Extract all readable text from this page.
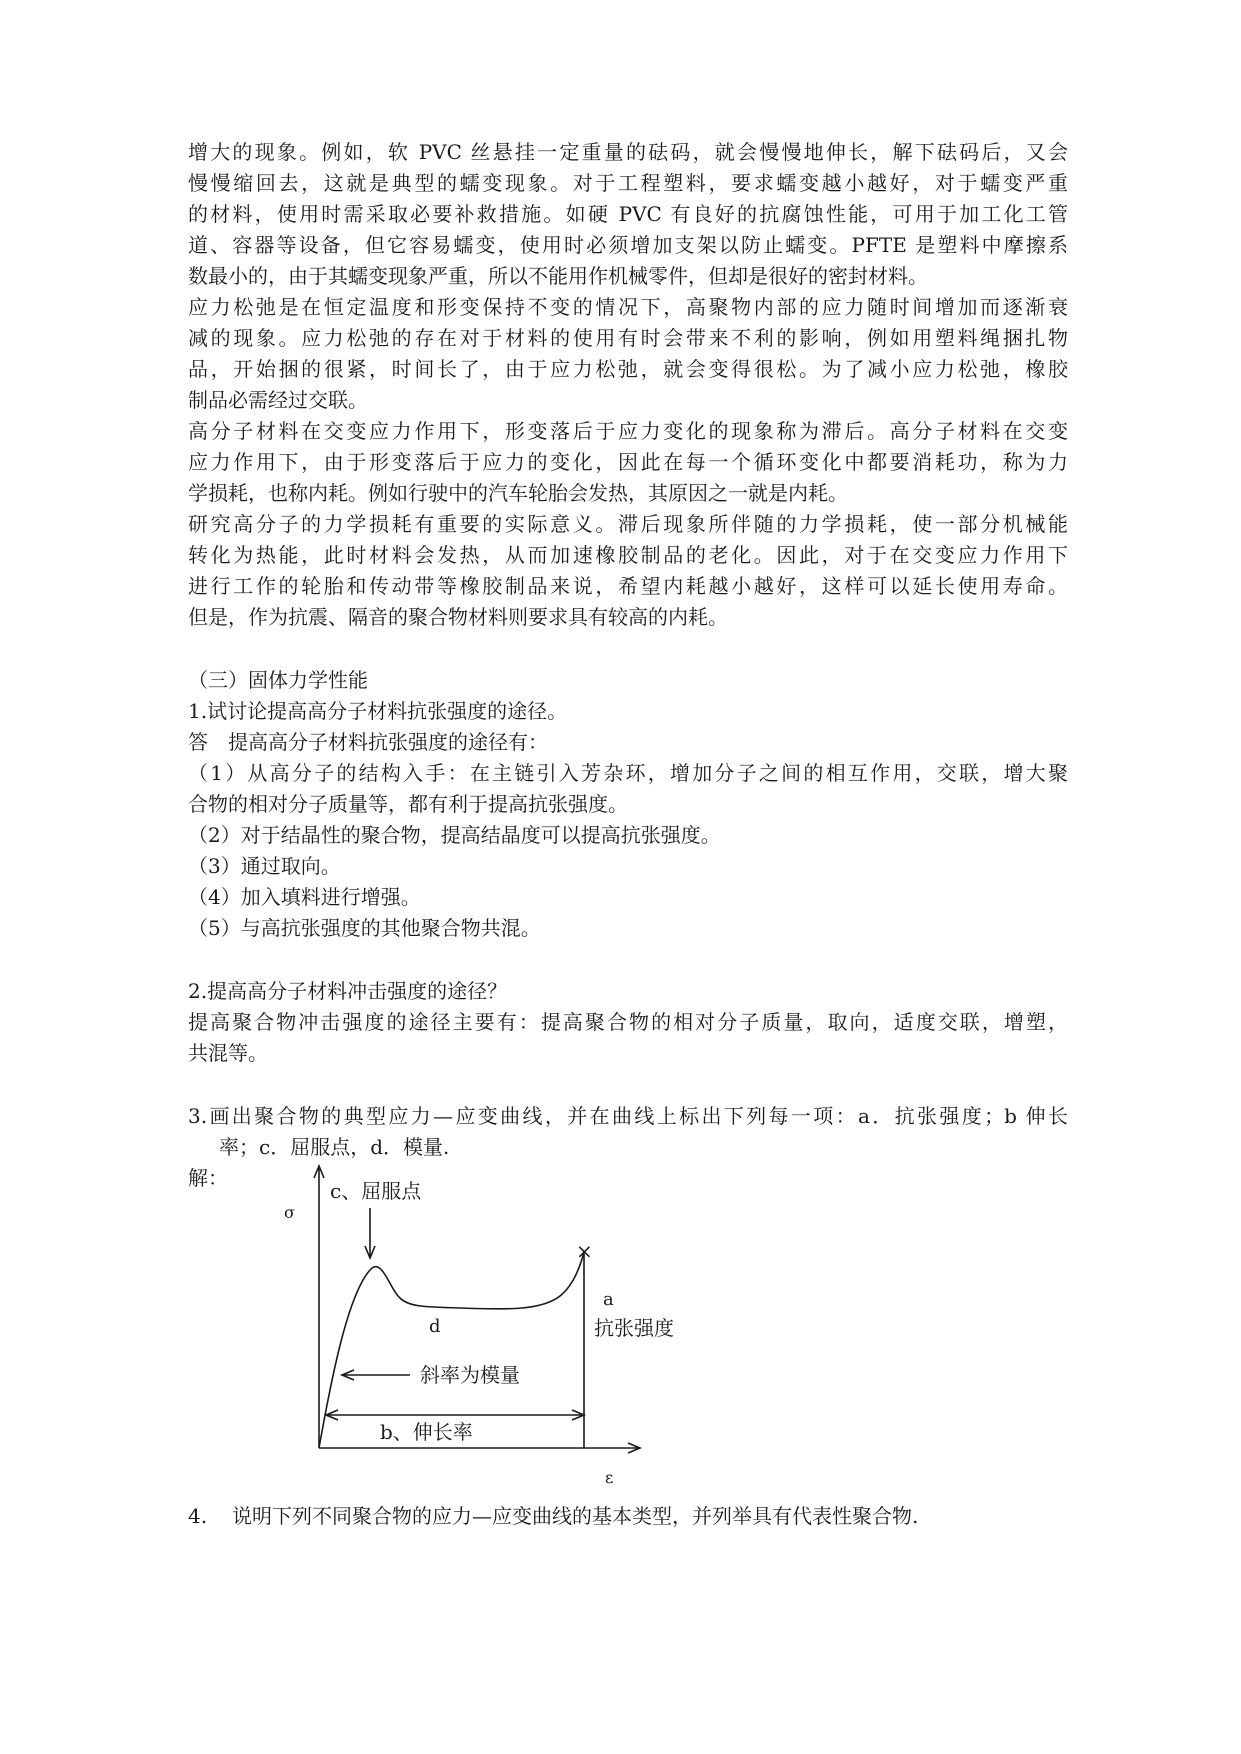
增大的现象。例如，软 PVC 丝悬挂一定重量的砝码，就会慢慢地伸长，解下砝码后，又会
慢慢缩回去，这就是典型的蠕变现象。对于工程塑料，要求蠕变越小越好，对于蠕变严重
的材料，使用时需采取必要补救措施。如硬 PVC 有良好的抗腐蚀性能，可用于加工化工管
道、容器等设备，但它容易蠕变，使用时必须增加支架以防止蠕变。PFTE 是塑料中摩擦系
数最小的，由于其蠕变现象严重，所以不能用作机械零件，但却是很好的密封材料。
应力松弛是在恒定温度和形变保持不变的情况下，高聚物内部的应力随时间增加而逐渐衰
减的现象。应力松弛的存在对于材料的使用有时会带来不利的影响，例如用塑料绳捆扎物
品，开始捆的很紧，时间长了，由于应力松弛，就会变得很松。为了减小应力松弛，橡胶
制品必需经过交联。
高分子材料在交变应力作用下，形变落后于应力变化的现象称为滞后。高分子材料在交变
应力作用下，由于形变落后于应力的变化，因此在每一个循环变化中都要消耗功，称为力
学损耗，也称内耗。例如行驶中的汽车轮胎会发热，其原因之一就是内耗。
研究高分子的力学损耗有重要的实际意义。滞后现象所伴随的力学损耗，使一部分机械能
转化为热能，此时材料会发热，从而加速橡胶制品的老化。因此，对于在交变应力作用下
进行工作的轮胎和传动带等橡胶制品来说，希望内耗越小越好，这样可以延长使用寿命。
但是，作为抗震、隔音的聚合物材料则要求具有较高的内耗。
（三）固体力学性能
1.试讨论提高高分子材料抗张强度的途径。
答　提高高分子材料抗张强度的途径有：
（1）从高分子的结构入手：在主链引入芳杂环，增加分子之间的相互作用，交联，增大聚
合物的相对分子质量等，都有利于提高抗张强度。
（2）对于结晶性的聚合物，提高结晶度可以提高抗张强度。
（3）通过取向。
（4）加入填料进行增强。
（5）与高抗张强度的其他聚合物共混。
2.提高高分子材料冲击强度的途径？
提高聚合物冲击强度的途径主要有：提高聚合物的相对分子质量，取向，适度交联，增塑，
共混等。
3.画出聚合物的典型应力—应变曲线，并在曲线上标出下列每一项：a．抗张强度；b 伸长
率；c．屈服点，d．模量.
解：
c、屈服点
σ
×
a
抗张强度
d
斜率为模量
b、伸长率
ε
4. 说明下列不同聚合物的应力—应变曲线的基本类型，并列举具有代表性聚合物.
